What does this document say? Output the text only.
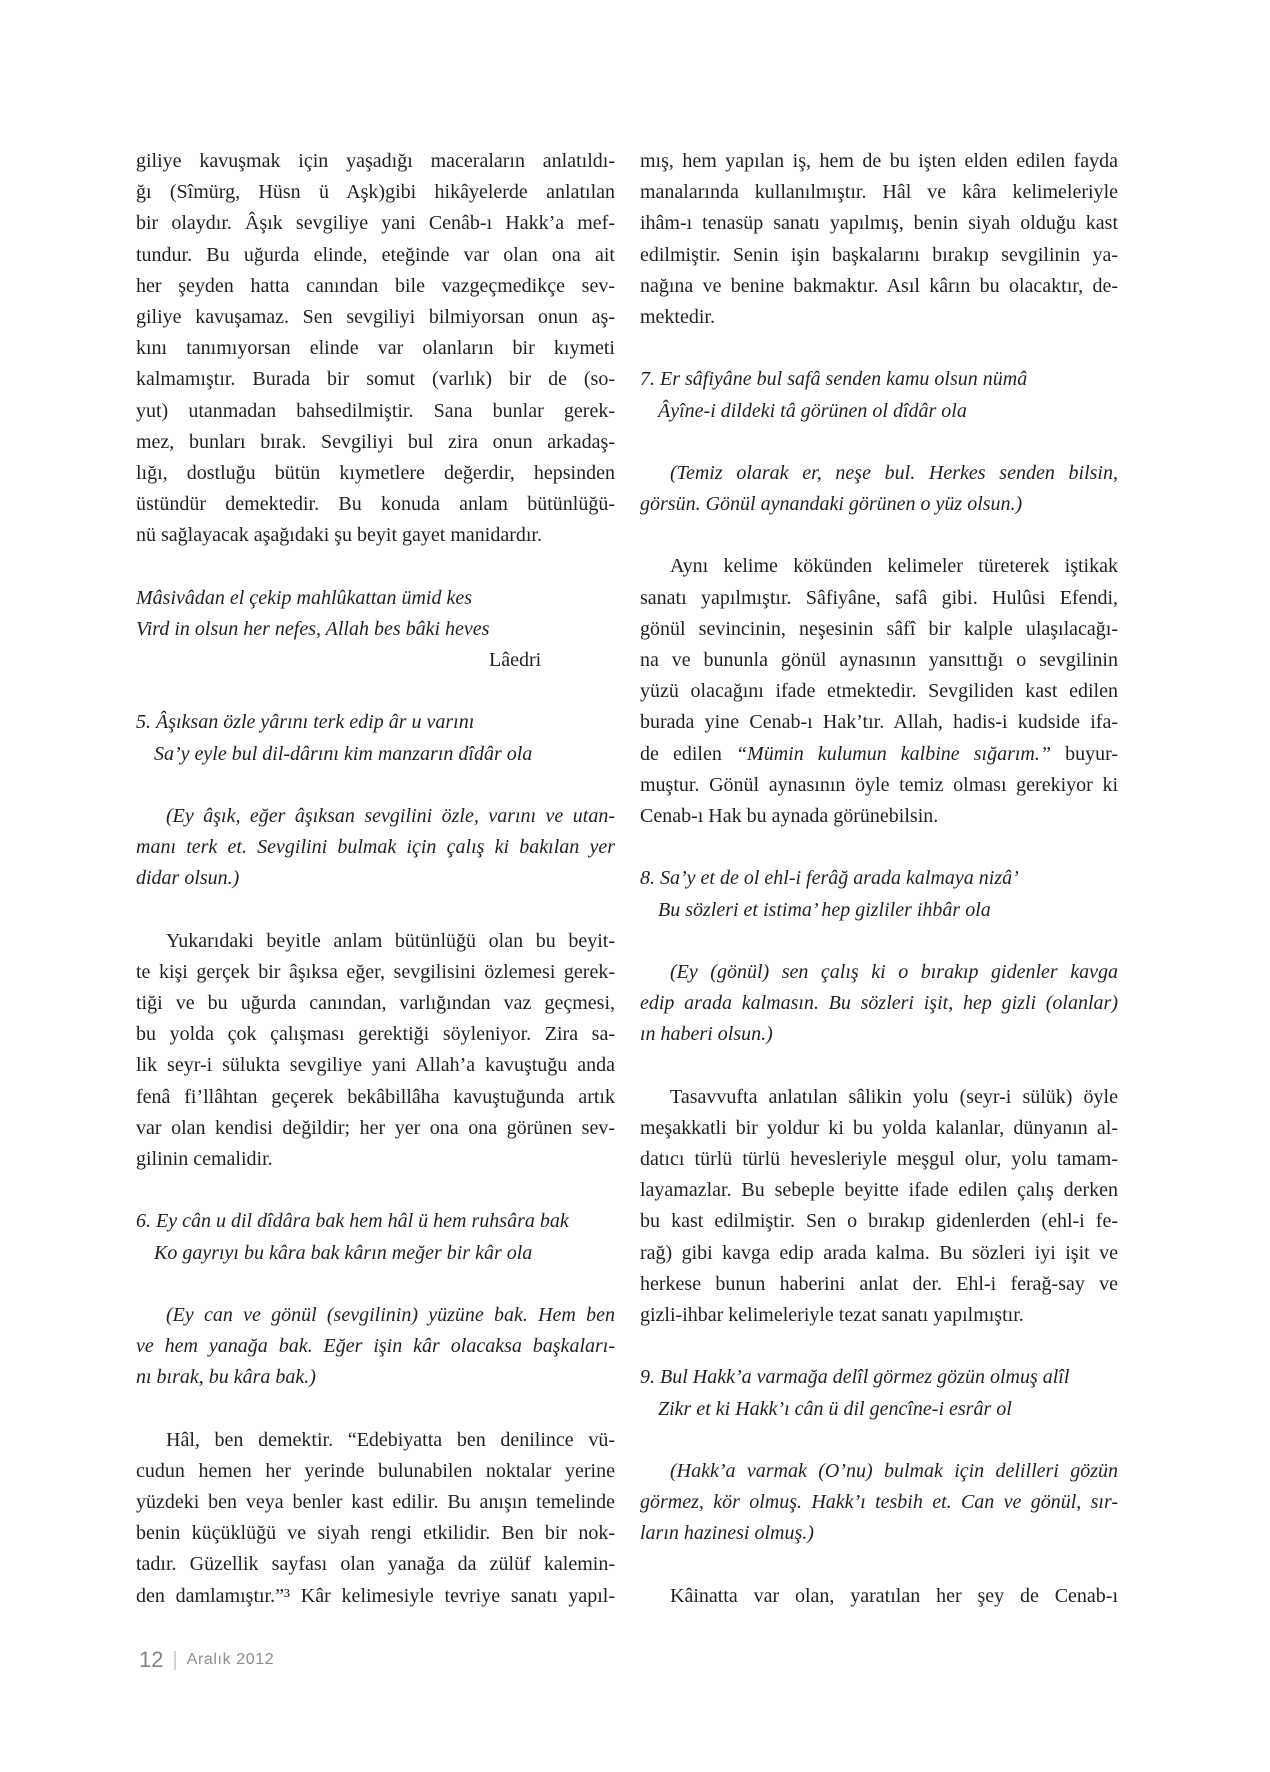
giliye kavuşmak için yaşadığı maceraların anlatıldı-
ğı (Sîmürg, Hüsn ü Aşk)gibi hikâyelerde anlatılan
bir olaydır. Âşık sevgiliye yani Cenâb-ı Hakk’a mef-
tundur. Bu uğurda elinde, eteğinde var olan ona ait
her şeyden hatta canından bile vazgeçmedikçe sev-
giliye kavuşamaz. Sen sevgiliyi bilmiyorsan onun aş-
kını tanımıyorsan elinde var olanların bir kıymeti
kalmamıştır. Burada bir somut (varlık) bir de (so-
yut) utanmadan bahsedilmiştir. Sana bunlar gerek-
mez, bunları bırak. Sevgiliyi bul zira onun arkadaş-
lığı, dostluğu bütün kıymetlere değerdir, hepsinden
üstündür demektedir. Bu konuda anlam bütünlüğü-
nü sağlayacak aşağıdaki şu beyit gayet manidardır.
Mâsivâdan el çekip mahlûkattan ümid kes
Vird in olsun her nefes, Allah bes bâki heves
Lâedri
5. Âşıksan özle yârını terk edip âr u varını
Sa’y eyle bul dil-dârını kim manzarın dîdâr ola
(Ey âşık, eğer âşıksan sevgilini özle, varını ve utan-
manı terk et. Sevgilini bulmak için çalış ki bakılan yer
didar olsun.)
Yukarıdaki beyitle anlam bütünlüğü olan bu beyit-
te kişi gerçek bir âşıksa eğer, sevgilisini özlemesi gerek-
tiği ve bu uğurda canından, varlığından vaz geçmesi,
bu yolda çok çalışması gerektiği söyleniyor. Zira sa-
lik seyr-i sülukta sevgiliye yani Allah’a kavuştuğu anda
fenâ fi’llâhtan geçerek bekâbillâha kavuştuğunda artık
var olan kendisi değildir; her yer ona ona görünen sev-
gilinin cemalidir.
6. Ey cân u dil dîdâra bak hem hâl ü hem ruhsâra bak
Ko gayrıyı bu kâra bak kârın meğer bir kâr ola
(Ey can ve gönül (sevgilinin) yüzüne bak. Hem ben
ve hem yanağa bak. Eğer işin kâr olacaksa başkaları-
nı bırak, bu kâra bak.)
Hâl, ben demektir. “Edebiyatta ben denilince vü-
cudun hemen her yerinde bulunabilen noktalar yerine
yüzdeki ben veya benler kast edilir. Bu anışın temelinde
benin küçüklüğü ve siyah rengi etkilidir. Ben bir nok-
tadır. Güzellik sayfası olan yanağa da zülüf kalemin-
den damlamıştır.”³ Kâr kelimesiyle tevriye sanatı yapıl-
mış, hem yapılan iş, hem de bu işten elden edilen fayda
manalarında kullanılmıştır. Hâl ve kâra kelimeleriyle
ihâm-ı tenasüp sanatı yapılmış, benin siyah olduğu kast
edilmiştir. Senin işin başkalarını bırakıp sevgilinin ya-
nağına ve benine bakmaktır. Asıl kârın bu olacaktır, de-
mektedir.
7. Er sâfiyâne bul safâ senden kamu olsun nümâ
Âyîne-i dildeki tâ görünen ol dîdâr ola
(Temiz olarak er, neşe bul. Herkes senden bilsin,
görsün. Gönül aynandaki görünen o yüz olsun.)
Aynı kelime kökünden kelimeler türeterek iştikak
sanatı yapılmıştır. Sâfiyâne, safâ gibi. Hulûsi Efendi,
gönül sevincinin, neşesinin sâfî bir kalple ulaşılacağı-
na ve bununla gönül aynasının yansıttığı o sevgilinin
yüzü olacağını ifade etmektedir. Sevgiliden kast edilen
burada yine Cenab-ı Hak’tır. Allah, hadis-i kudside ifa-
de edilen “Mümin kulumun kalbine sığarım.” buyur-
muştur. Gönül aynasının öyle temiz olması gerekiyor ki
Cenab-ı Hak bu aynada görünebilsin.
8. Sa’y et de ol ehl-i ferâğ arada kalmaya nizâ’
Bu sözleri et istima’ hep gizliler ihbâr ola
(Ey (gönül) sen çalış ki o bırakıp gidenler kavga
edip arada kalmasın. Bu sözleri işit, hep gizli (olanlar)
ın haberi olsun.)
Tasavvufta anlatılan sâlikin yolu (seyr-i sülük) öyle
meşakkatli bir yoldur ki bu yolda kalanlar, dünyanın al-
datıcı türlü türlü hevesleriyle meşgul olur, yolu tamam-
layamazlar. Bu sebeple beyitte ifade edilen çalış derken
bu kast edilmiştir. Sen o bırakıp gidenlerden (ehl-i fe-
rağ) gibi kavga edip arada kalma. Bu sözleri iyi işit ve
herkese bunun haberini anlat der. Ehl-i ferağ-say ve
gizli-ihbar kelimeleriyle tezat sanatı yapılmıştır.
9. Bul Hakk’a varmağa delîl görmez gözün olmuş alîl
Zikr et ki Hakk’ı cân ü dil gencîne-i esrâr ol
(Hakk’a varmak (O’nu) bulmak için delilleri gözün
görmez, kör olmuş. Hakk’ı tesbih et. Can ve gönül, sır-
ların hazinesi olmuş.)
Kâinatta var olan, yaratılan her şey de Cenab-ı
12 | Aralık 2012
